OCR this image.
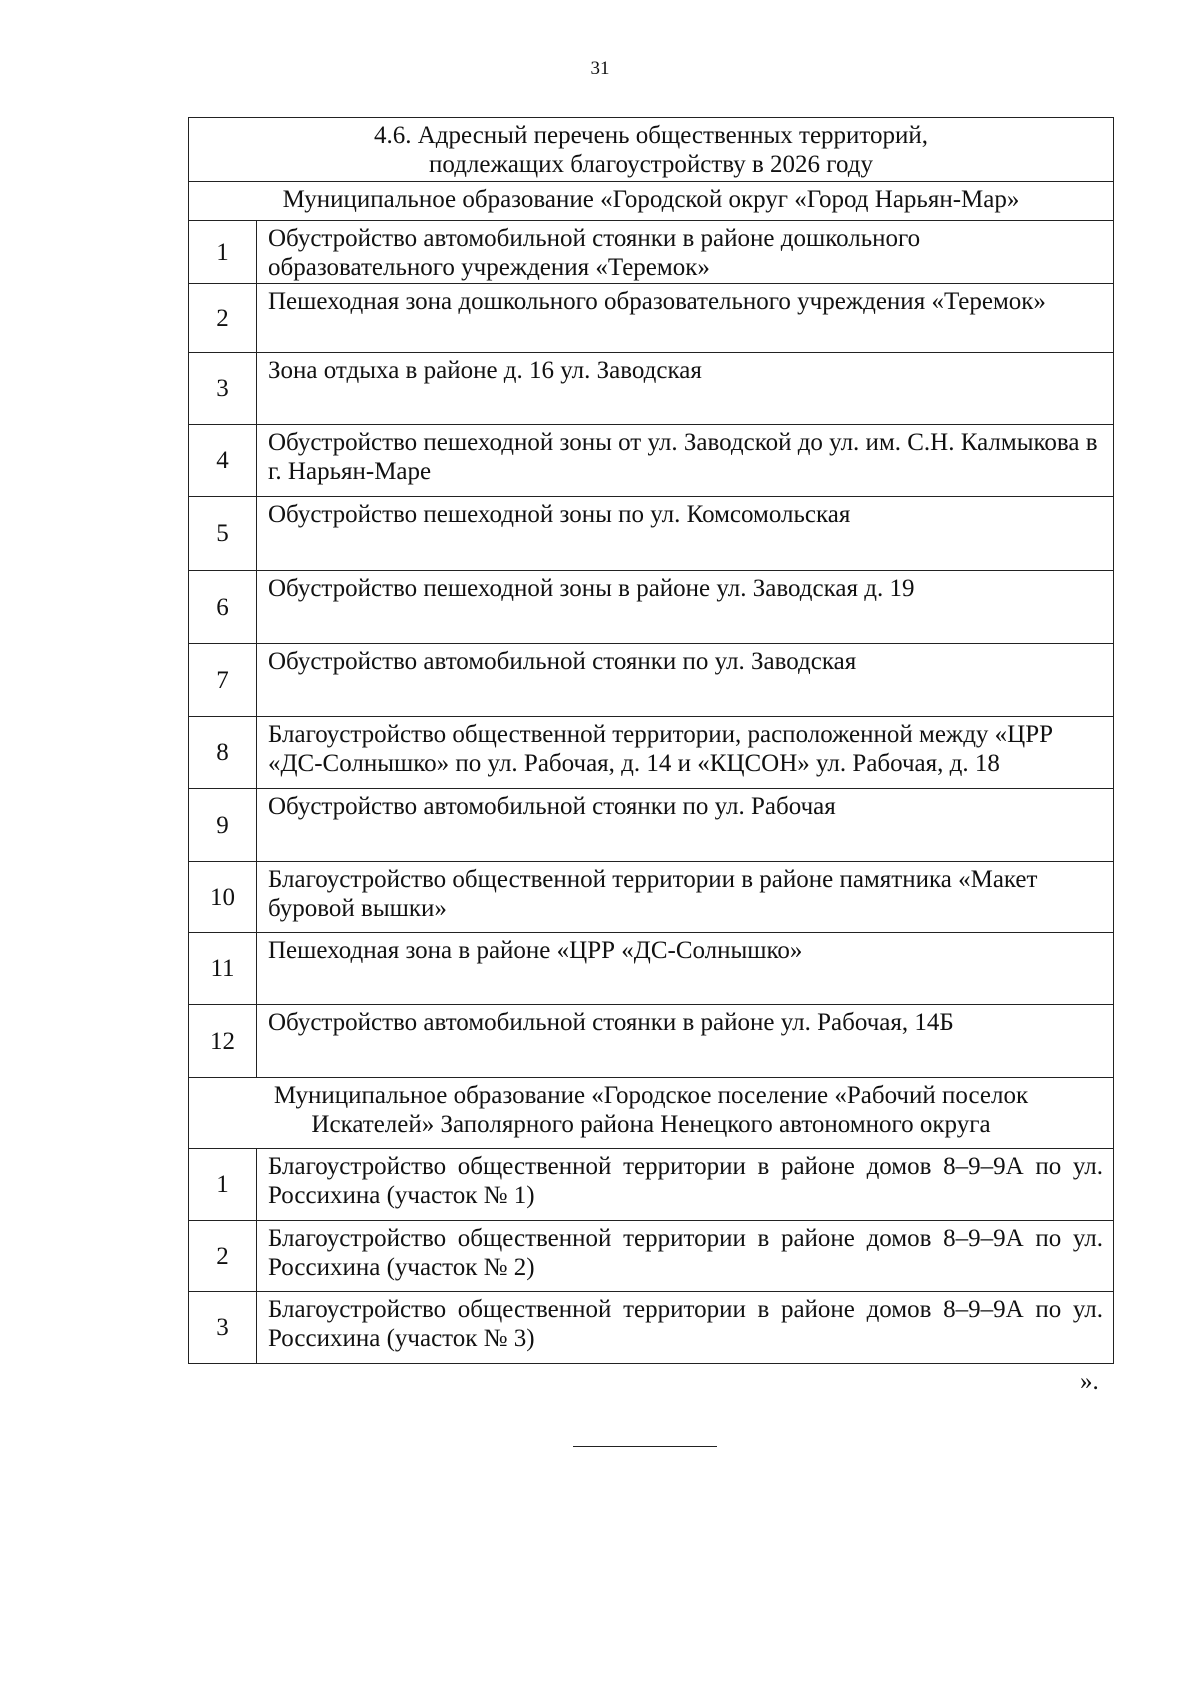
31
4.6. Адресный перечень общественных территорий,
подлежащих благоустройству в 2026 году	

Муниципальное образование «Городской округ «Город Нарьян-Мар»	
1	Обустройство автомобильной стоянки в районе дошкольного образовательного учреждения «Теремок»
2	Пешеходная зона дошкольного образовательного учреждения «Теремок»
3	Зона отдыха в районе д. 16 ул. Заводская
4	Обустройство пешеходной зоны от ул. Заводской до ул. им. С.Н. Калмыкова в г. Нарьян-Маре
5	Обустройство пешеходной зоны по ул. Комсомольская
6	Обустройство пешеходной зоны в районе ул. Заводская д. 19
7	Обустройство автомобильной стоянки по ул. Заводская
8	Благоустройство общественной территории, расположенной между «ЦРР «ДС-Солнышко» по ул. Рабочая, д. 14 и «КЦСОН» ул. Рабочая, д. 18
9	Обустройство автомобильной стоянки по ул. Рабочая
10	Благоустройство общественной территории в районе памятника «Макет буровой вышки»
11	Пешеходная зона в районе «ЦРР «ДС-Солнышко»
12	Обустройство автомобильной стоянки в районе ул. Рабочая, 14Б
Муниципальное образование «Городское поселение «Рабочий поселок Искателей» Заполярного района Ненецкого автономного округа	
1	Благоустройство общественной территории в районе домов 8–9–9А по ул. Россихина (участок № 1)
2	Благоустройство общественной территории в районе домов 8–9–9А по ул. Россихина (участок № 2)
3	Благоустройство общественной территории в районе домов 8–9–9А по ул. Россихина (участок № 3)
».
